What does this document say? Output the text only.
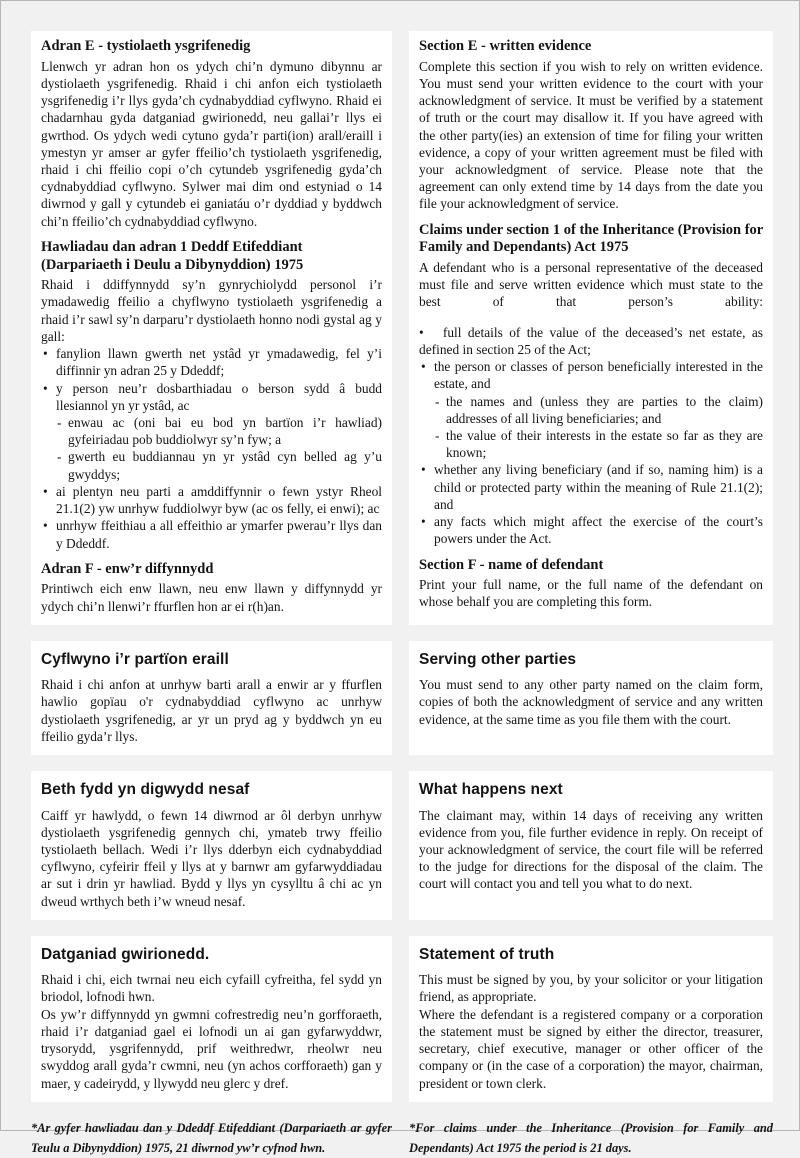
Adran E - tystiolaeth ysgrifenedig

Llenwch yr adran hon os ydych chi’n dymuno dibynnu ar dystiolaeth ysgrifenedig. Rhaid i chi anfon eich tystiolaeth ysgrifenedig i’r llys gyda’ch cydnabyddiad cyflwyno. Rhaid ei chadarnhau gyda datganiad gwirionedd, neu gallai’r llys ei gwrthod. Os ydych wedi cytuno gyda’r parti(ion) arall/eraill i ymestyn yr amser ar gyfer ffeilio’ch tystiolaeth ysgrifenedig, rhaid i chi ffeilio copi o’ch cytundeb ysgrifenedig gyda’ch cydnabyddiad cyflwyno. Sylwer mai dim ond estyniad o 14 diwrnod y gall y cytundeb ei ganiatáu o’r dyddiad y byddwch chi’n ffeilio’ch cydnabyddiad cyflwyno.

Hawliadau dan adran 1 Deddf Etifeddiant (Darpariaeth i Deulu a Dibynyddion) 1975

Rhaid i ddiffynnydd sy’n gynrychiolydd personol i’r ymadawedig ffeilio a chyflwyno tystiolaeth ysgrifenedig a rhaid i’r sawl sy’n darparu’r dystiolaeth honno nodi gystal ag y gall:

• fanylion llawn gwerth net ystâd yr ymadawedig, fel y’i diffinnir yn adran 25 y Ddeddf;
• y person neu’r dosbarthiadau o berson sydd â budd llesiannol yn yr ystâd, ac
- enwau ac (oni bai eu bod yn bartïon i’r hawliad) gyfeiriadau pob buddiolwyr sy’n fyw; a
- gwerth eu buddiannau yn yr ystâd cyn belled ag y’u gwyddys;
• ai plentyn neu parti a amddiffynnir o fewn ystyr Rheol 21.1(2) yw unrhyw fuddiolwyr byw (ac os felly, ei enwi); ac
• unrhyw ffeithiau a all effeithio ar ymarfer pwerau’r llys dan y Ddeddf.
Adran F - enw’r diffynnydd

Printiwch eich enw llawn, neu enw llawn y diffynnydd yr ydych chi’n llenwi’r ffurflen hon ar ei r(h)an.

Section E - written evidence

Complete this section if you wish to rely on written evidence. You must send your written evidence to the court with your acknowledgment of service. It must be verified by a statement of truth or the court may disallow it. If you have agreed with the other party(ies) an extension of time for filing your written evidence, a copy of your written agreement must be filed with your acknowledgment of service. Please note that the agreement can only extend time by 14 days from the date you file your acknowledgment of service.

Claims under section 1 of the Inheritance (Provision for Family and Dependants) Act 1975

A defendant who is a personal representative of the deceased must file and serve written evidence which must state to the best of that person’s ability:

•   full details of the value of the deceased’s net estate, as defined in section 25 of the Act;
• the person or classes of person beneficially interested in the estate, and
- the names and (unless they are parties to the claim) addresses of all living beneficiaries; and
- the value of their interests in the estate so far as they are known;
• whether any living beneficiary (and if so, naming him) is a child or protected party within the meaning of Rule 21.1(2); and
• any facts which might affect the exercise of the court’s powers under the Act.
Section F - name of defendant

Print your full name, or the full name of the defendant on whose behalf you are completing this form.

Cyflwyno i’r partïon eraill

Rhaid i chi anfon at unrhyw barti arall a enwir ar y ffurflen hawlio gopïau o'r cydnabyddiad cyflwyno ac unrhyw dystiolaeth ysgrifenedig, ar yr un pryd ag y byddwch yn eu ffeilio gyda’r llys.

Serving other parties

You must send to any other party named on the claim form, copies of both the acknowledgment of service and any written evidence, at the same time as you file them with the court.

Beth fydd yn digwydd nesaf

Caiff yr hawlydd, o fewn 14 diwrnod ar ôl derbyn unrhyw dystiolaeth ysgrifenedig gennych chi, ymateb trwy ffeilio tystiolaeth bellach. Wedi i’r llys dderbyn eich cydnabyddiad cyflwyno, cyfeirir ffeil y llys at y barnwr am gyfarwyddiadau ar sut i drin yr hawliad. Bydd y llys yn cysylltu â chi ac yn dweud wrthych beth i’w wneud nesaf.

What happens next

The claimant may, within 14 days of receiving any written evidence from you, file further evidence in reply. On receipt of your acknowledgment of service, the court file will be referred to the judge for directions for the disposal of the claim. The court will contact you and tell you what to do next.

Datganiad gwirionedd.

Rhaid i chi, eich twrnai neu eich cyfaill cyfreitha, fel sydd yn briodol, lofnodi hwn.

Os yw’r diffynnydd yn gwmni cofrestredig neu’n gorfforaeth, rhaid i’r datganiad gael ei lofnodi un ai gan gyfarwyddwr, trysorydd, ysgrifennydd, prif weithredwr, rheolwr neu swyddog arall gyda’r cwmni, neu (yn achos corfforaeth) gan y maer, y cadeirydd, y llywydd neu glerc y dref.

Statement of truth

This must be signed by you, by your solicitor or your litigation friend, as appropriate.

Where the defendant is a registered company or a corporation the statement must be signed by either the director, treasurer, secretary, chief executive, manager or other officer of the company or (in the case of a corporation) the mayor, chairman, president or town clerk.

*Ar gyfer hawliadau dan y Ddeddf Etifeddiant (Darpariaeth ar gyfer Teulu a Dibynyddion) 1975, 21 diwrnod yw’r cyfnod hwn.

*For claims under the Inheritance (Provision for Family and Dependants) Act 1975 the period is 21 days.
